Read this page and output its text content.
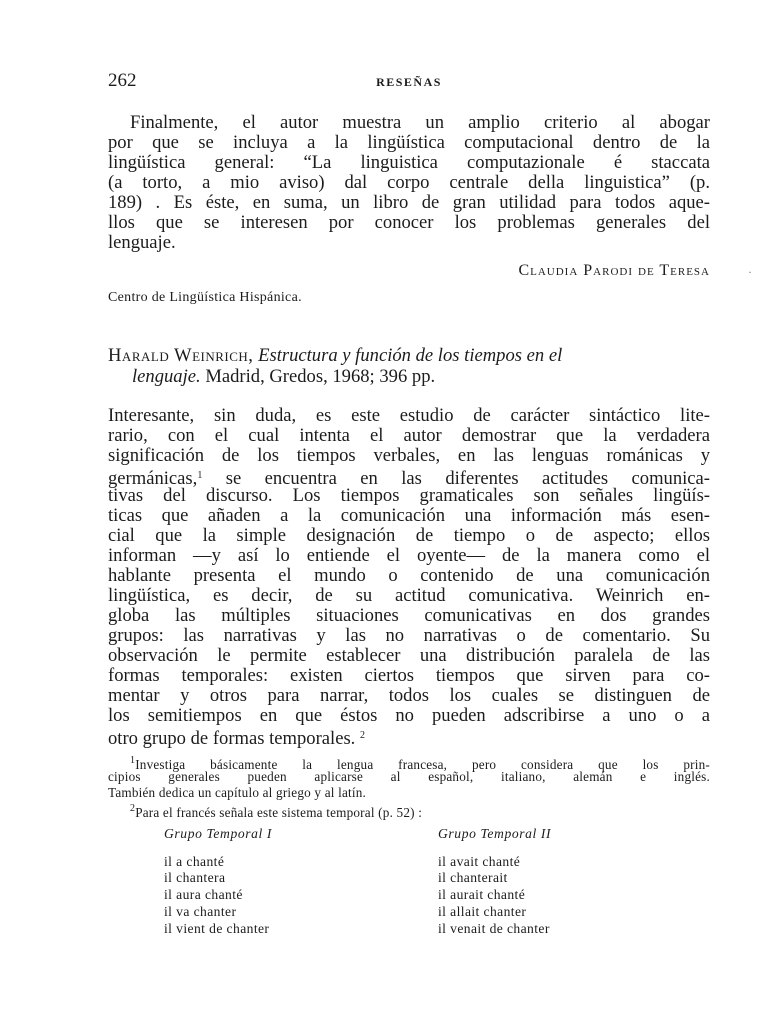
262	RESEÑAS
Finalmente, el autor muestra un amplio criterio al abogar
por que se incluya a la lingüística computacional dentro de la
lingüística general: “La linguistica computazionale é staccata
(a torto, a mio aviso) dal corpo centrale della linguistica” (p.
189) . Es éste, en suma, un libro de gran utilidad para todos aque-
llos que se interesen por conocer los problemas generales del
lenguaje.
Claudia Parodi de Teresa
Centro de Lingüística Hispánica.
Harald Weinrich, Estructura y función de los tiempos en el
lenguaje. Madrid, Gredos, 1968; 396 pp.
Interesante, sin duda, es este estudio de carácter sintáctico lite-
rario, con el cual intenta el autor demostrar que la verdadera
significación de los tiempos verbales, en las lenguas románicas y
germánicas,$^1$ se encuentra en las diferentes actitudes comunica-
tivas del discurso. Los tiempos gramaticales son señales lingüís-
ticas que añaden a la comunicación una información más esen-
cial que la simple designación de tiempo o de aspecto; ellos
informan —y así lo entiende el oyente— de la manera como el
hablante presenta el mundo o contenido de una comunicación
lingüística, es decir, de su actitud comunicativa. Weinrich en-
globa las múltiples situaciones comunicativas en dos grandes
grupos: las narrativas y las no narrativas o de comentario. Su
observación le permite establecer una distribución paralela de las
formas temporales: existen ciertos tiempos que sirven para co-
mentar y otros para narrar, todos los cuales se distinguen de
los semitiempos en que éstos no pueden adscribirse a uno o a
otro grupo de formas temporales. $^2$
$^1$Investiga básicamente la lengua francesa, pero considera que los prin-
cipios generales pueden aplicarse al español, italiano, alemán e inglés.
También dedica un capítulo al griego y al latín.
$^2$Para el francés señala este sistema temporal (p. 52) :
Grupo Temporal I
il a chanté
il chantera
il aura chanté
il va chanter
il vient de chanter
Grupo Temporal II
il avait chanté
il chanterait
il aurait chanté
il allait chanter
il venait de chanter
·
